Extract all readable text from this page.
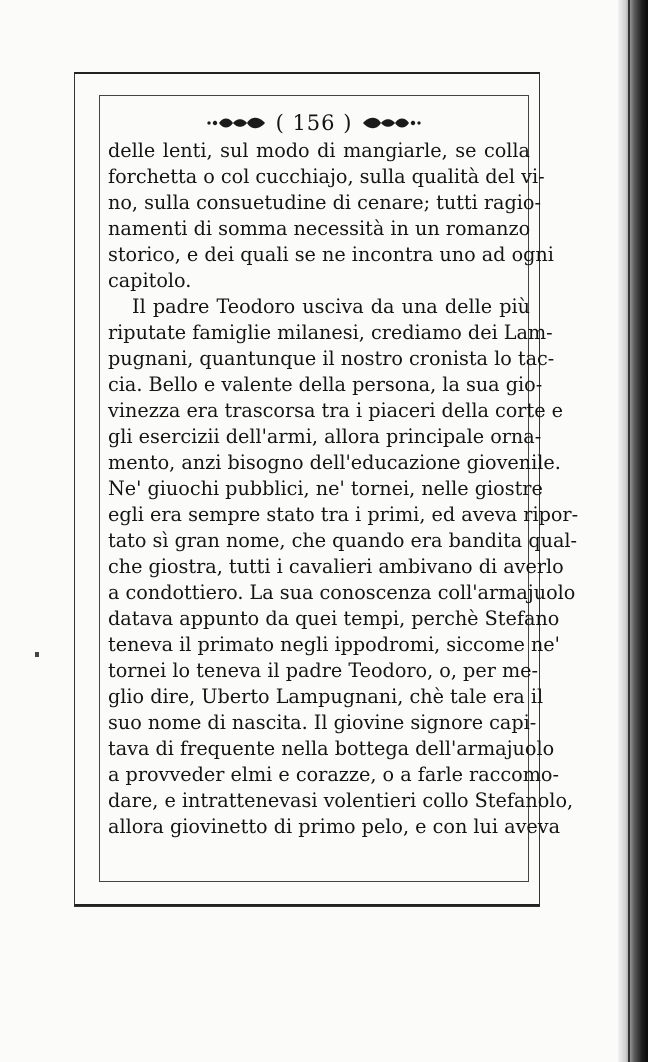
( 156 )
delle lenti, sul modo di mangiarle, se colla
forchetta o col cucchiajo, sulla qualità del vi-
no, sulla consuetudine di cenare; tutti ragio-
namenti di somma necessità in un romanzo
storico, e dei quali se ne incontra uno ad ogni
capitolo.
Il padre Teodoro usciva da una delle più
riputate famiglie milanesi, crediamo dei Lam-
pugnani, quantunque il nostro cronista lo tac-
cia. Bello e valente della persona, la sua gio-
vinezza era trascorsa tra i piaceri della corte e
gli esercizii dell'armi, allora principale orna-
mento, anzi bisogno dell'educazione giovenile.
Ne' giuochi pubblici, ne' tornei, nelle giostre
egli era sempre stato tra i primi, ed aveva ripor-
tato sì gran nome, che quando era bandita qual-
che giostra, tutti i cavalieri ambivano di averlo
a condottiero. La sua conoscenza coll'armajuolo
datava appunto da quei tempi, perchè Stefano
teneva il primato negli ippodromi, siccome ne'
tornei lo teneva il padre Teodoro, o, per me-
glio dire, Uberto Lampugnani, chè tale era il
suo nome di nascita. Il giovine signore capi-
tava di frequente nella bottega dell'armajuolo
a provveder elmi e corazze, o a farle raccomo-
dare, e intrattenevasi volentieri collo Stefanolo,
allora giovinetto di primo pelo, e con lui aveva
